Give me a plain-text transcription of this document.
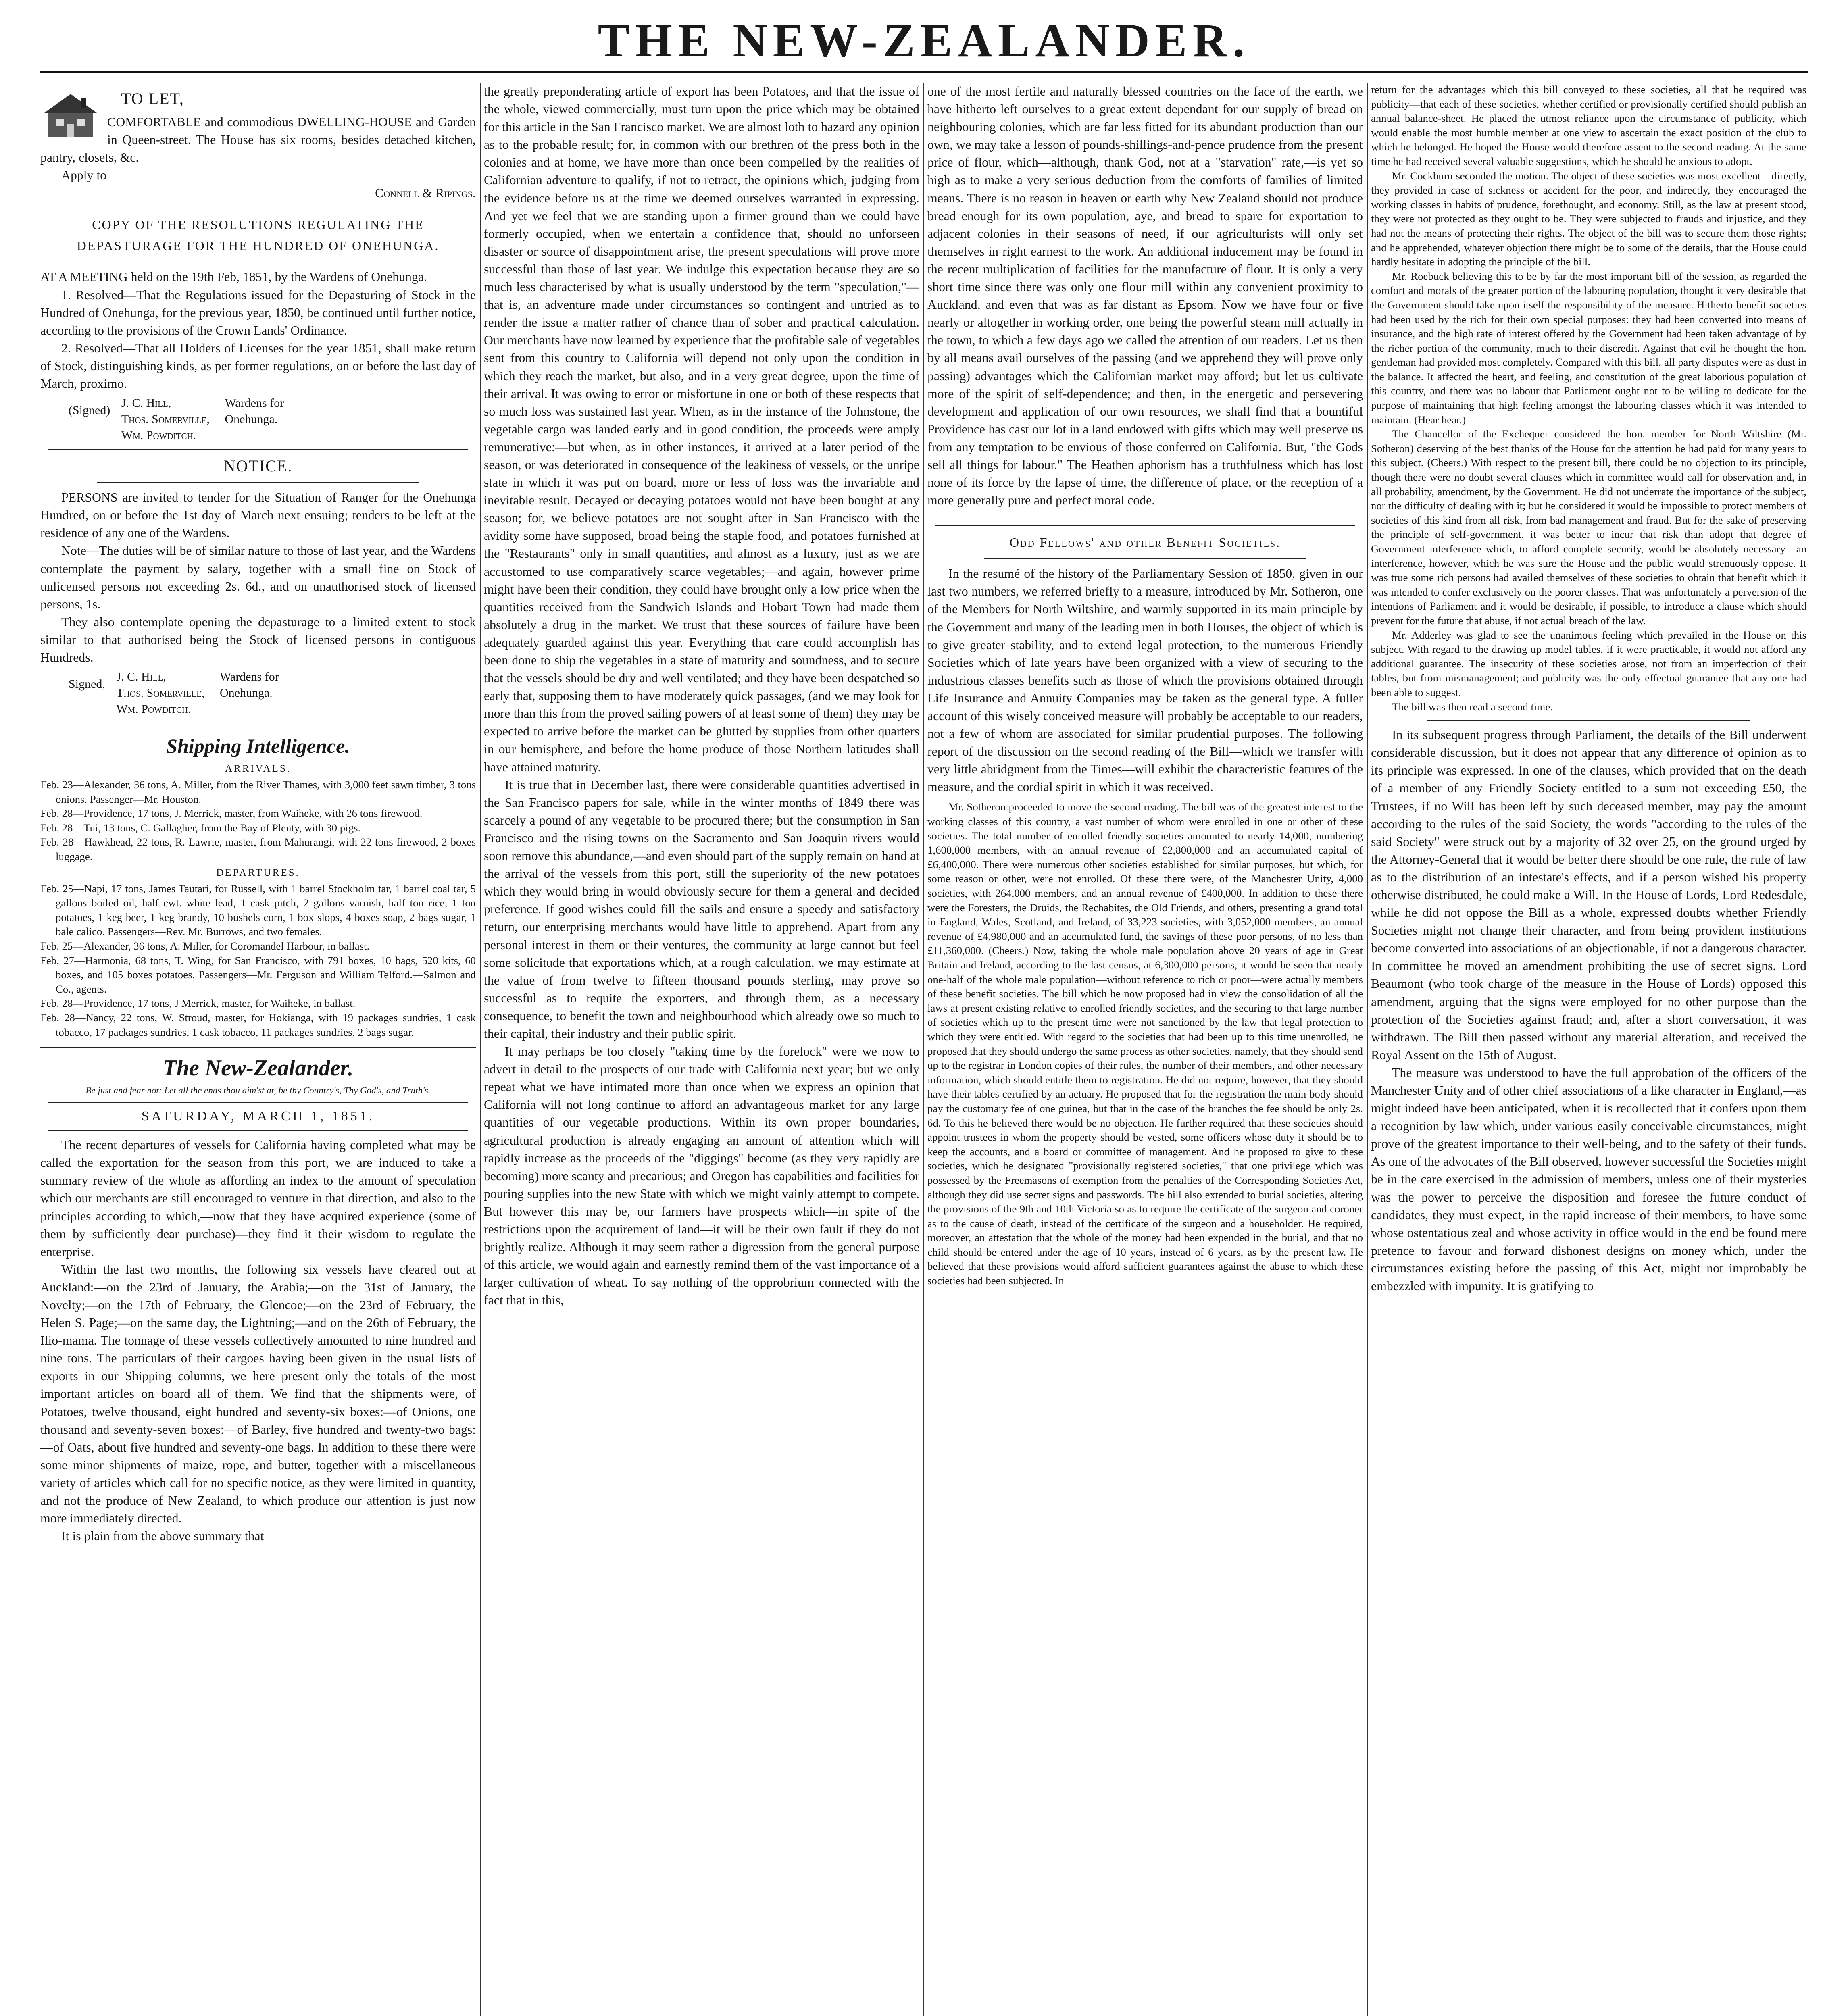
THE NEW-ZEALANDER.
TO LET,

COMFORTABLE and commodious DWELLING-HOUSE and Garden in Queen-street. The House has six rooms, besides detached kitchen, pantry, closets, &c.

Apply to

Connell & Ripings.

COPY OF THE RESOLUTIONS REGULATING THE DEPASTURAGE FOR THE HUNDRED OF ONEHUNGA.

AT A MEETING held on the 19th Feb, 1851, by the Wardens of Onehunga.

1. Resolved—That the Regulations issued for the Depasturing of Stock in the Hundred of Onehunga, for the previous year, 1850, be continued until further notice, according to the provisions of the Crown Lands' Ordinance.

2. Resolved—That all Holders of Licenses for the year 1851, shall make return of Stock, distinguishing kinds, as per former regulations, on or before the last day of March, proximo.

(Signed) J. C. Hill,
Thos. Somerville,
Wm. Powditch. Wardens for Onehunga.
NOTICE.

PERSONS are invited to tender for the Situation of Ranger for the Onehunga Hundred, on or before the 1st day of March next ensuing; tenders to be left at the residence of any one of the Wardens.

Note—The duties will be of similar nature to those of last year, and the Wardens contemplate the payment by salary, together with a small fine on Stock of unlicensed persons not exceeding 2s. 6d., and on unauthorised stock of licensed persons, 1s.

They also contemplate opening the depasturage to a limited extent to stock similar to that authorised being the Stock of licensed persons in contiguous Hundreds.

Signed, J. C. Hill,
Thos. Somerville,
Wm. Powditch. Wardens for Onehunga.
Shipping Intelligence.
ARRIVALS.

Feb. 23—Alexander, 36 tons, A. Miller, from the River Thames, with 3,000 feet sawn timber, 3 tons onions. Passenger—Mr. Houston.

Feb. 28—Providence, 17 tons, J. Merrick, master, from Waiheke, with 26 tons firewood.

Feb. 28—Tui, 13 tons, C. Gallagher, from the Bay of Plenty, with 30 pigs.

Feb. 28—Hawkhead, 22 tons, R. Lawrie, master, from Mahurangi, with 22 tons firewood, 2 boxes luggage.

DEPARTURES.

Feb. 25—Napi, 17 tons, James Tautari, for Russell, with 1 barrel Stockholm tar, 1 barrel coal tar, 5 gallons boiled oil, half cwt. white lead, 1 cask pitch, 2 gallons varnish, half ton rice, 1 ton potatoes, 1 keg beer, 1 keg brandy, 10 bushels corn, 1 box slops, 4 boxes soap, 2 bags sugar, 1 bale calico. Passengers—Rev. Mr. Burrows, and two females.

Feb. 25—Alexander, 36 tons, A. Miller, for Coromandel Harbour, in ballast.

Feb. 27—Harmonia, 68 tons, T. Wing, for San Francisco, with 791 boxes, 10 bags, 520 kits, 60 boxes, and 105 boxes potatoes. Passengers—Mr. Ferguson and William Telford.—Salmon and Co., agents.

Feb. 28—Providence, 17 tons, J Merrick, master, for Waiheke, in ballast.

Feb. 28—Nancy, 22 tons, W. Stroud, master, for Hokianga, with 19 packages sundries, 1 cask tobacco, 17 packages sundries, 1 cask tobacco, 11 packages sundries, 2 bags sugar.

The New-Zealander.
Be just and fear not: Let all the ends thou aim'st at, be thy Country's, Thy God's, and Truth's.
SATURDAY, MARCH 1, 1851.

The recent departures of vessels for California having completed what may be called the exportation for the season from this port, we are induced to take a summary review of the whole as affording an index to the amount of speculation which our merchants are still encouraged to venture in that direction, and also to the principles according to which,—now that they have acquired experience (some of them by sufficiently dear purchase)—they find it their wisdom to regulate the enterprise.

Within the last two months, the following six vessels have cleared out at Auckland:—on the 23rd of January, the Arabia;—on the 31st of January, the Novelty;—on the 17th of February, the Glencoe;—on the 23rd of February, the Helen S. Page;—on the same day, the Lightning;—and on the 26th of February, the Ilio-mama. The tonnage of these vessels collectively amounted to nine hundred and nine tons. The particulars of their cargoes having been given in the usual lists of exports in our Shipping columns, we here present only the totals of the most important articles on board all of them. We find that the shipments were, of Potatoes, twelve thousand, eight hundred and seventy-six boxes:—of Onions, one thousand and seventy-seven boxes:—of Barley, five hundred and twenty-two bags:—of Oats, about five hundred and seventy-one bags. In addition to these there were some minor shipments of maize, rope, and butter, together with a miscellaneous variety of articles which call for no specific notice, as they were limited in quantity, and not the produce of New Zealand, to which produce our attention is just now more immediately directed.

It is plain from the above summary that

the greatly preponderating article of export has been Potatoes, and that the issue of the whole, viewed commercially, must turn upon the price which may be obtained for this article in the San Francisco market. We are almost loth to hazard any opinion as to the probable result; for, in common with our brethren of the press both in the colonies and at home, we have more than once been compelled by the realities of Californian adventure to qualify, if not to retract, the opinions which, judging from the evidence before us at the time we deemed ourselves warranted in expressing. And yet we feel that we are standing upon a firmer ground than we could have formerly occupied, when we entertain a confidence that, should no unforseen disaster or source of disappointment arise, the present speculations will prove more successful than those of last year. We indulge this expectation because they are so much less characterised by what is usually understood by the term "speculation,"—that is, an adventure made under circumstances so contingent and untried as to render the issue a matter rather of chance than of sober and practical calculation. Our merchants have now learned by experience that the profitable sale of vegetables sent from this country to California will depend not only upon the condition in which they reach the market, but also, and in a very great degree, upon the time of their arrival. It was owing to error or misfortune in one or both of these respects that so much loss was sustained last year. When, as in the instance of the Johnstone, the vegetable cargo was landed early and in good condition, the proceeds were amply remunerative:—but when, as in other instances, it arrived at a later period of the season, or was deteriorated in consequence of the leakiness of vessels, or the unripe state in which it was put on board, more or less of loss was the invariable and inevitable result. Decayed or decaying potatoes would not have been bought at any season; for, we believe potatoes are not sought after in San Francisco with the avidity some have supposed, broad being the staple food, and potatoes furnished at the "Restaurants" only in small quantities, and almost as a luxury, just as we are accustomed to use comparatively scarce vegetables;—and again, however prime might have been their condition, they could have brought only a low price when the quantities received from the Sandwich Islands and Hobart Town had made them absolutely a drug in the market. We trust that these sources of failure have been adequately guarded against this year. Everything that care could accomplish has been done to ship the vegetables in a state of maturity and soundness, and to secure that the vessels should be dry and well ventilated; and they have been despatched so early that, supposing them to have moderately quick passages, (and we may look for more than this from the proved sailing powers of at least some of them) they may be expected to arrive before the market can be glutted by supplies from other quarters in our hemisphere, and before the home produce of those Northern latitudes shall have attained maturity.

It is true that in December last, there were considerable quantities advertised in the San Francisco papers for sale, while in the winter months of 1849 there was scarcely a pound of any vegetable to be procured there; but the consumption in San Francisco and the rising towns on the Sacramento and San Joaquin rivers would soon remove this abundance,—and even should part of the supply remain on hand at the arrival of the vessels from this port, still the superiority of the new potatoes which they would bring in would obviously secure for them a general and decided preference. If good wishes could fill the sails and ensure a speedy and satisfactory return, our enterprising merchants would have little to apprehend. Apart from any personal interest in them or their ventures, the community at large cannot but feel some solicitude that exportations which, at a rough calculation, we may estimate at the value of from twelve to fifteen thousand pounds sterling, may prove so successful as to requite the exporters, and through them, as a necessary consequence, to benefit the town and neighbourhood which already owe so much to their capital, their industry and their public spirit.

It may perhaps be too closely "taking time by the forelock" were we now to advert in detail to the prospects of our trade with California next year; but we only repeat what we have intimated more than once when we express an opinion that California will not long continue to afford an advantageous market for any large quantities of our vegetable productions. Within its own proper boundaries, agricultural production is already engaging an amount of attention which will rapidly increase as the proceeds of the "diggings" become (as they very rapidly are becoming) more scanty and precarious; and Oregon has capabilities and facilities for pouring supplies into the new State with which we might vainly attempt to compete. But however this may be, our farmers have prospects which—in spite of the restrictions upon the acquirement of land—it will be their own fault if they do not brightly realize. Although it may seem rather a digression from the general purpose of this article, we would again and earnestly remind them of the vast importance of a larger cultivation of wheat. To say nothing of the opprobrium connected with the fact that in this,

one of the most fertile and naturally blessed countries on the face of the earth, we have hitherto left ourselves to a great extent dependant for our supply of bread on neighbouring colonies, which are far less fitted for its abundant production than our own, we may take a lesson of pounds-shillings-and-pence prudence from the present price of flour, which—although, thank God, not at a "starvation" rate,—is yet so high as to make a very serious deduction from the comforts of families of limited means. There is no reason in heaven or earth why New Zealand should not produce bread enough for its own population, aye, and bread to spare for exportation to adjacent colonies in their seasons of need, if our agriculturists will only set themselves in right earnest to the work. An additional inducement may be found in the recent multiplication of facilities for the manufacture of flour. It is only a very short time since there was only one flour mill within any convenient proximity to Auckland, and even that was as far distant as Epsom. Now we have four or five nearly or altogether in working order, one being the powerful steam mill actually in the town, to which a few days ago we called the attention of our readers. Let us then by all means avail ourselves of the passing (and we apprehend they will prove only passing) advantages which the Californian market may afford; but let us cultivate more of the spirit of self-dependence; and then, in the energetic and persevering development and application of our own resources, we shall find that a bountiful Providence has cast our lot in a land endowed with gifts which may well preserve us from any temptation to be envious of those conferred on California. But, "the Gods sell all things for labour." The Heathen aphorism has a truthfulness which has lost none of its force by the lapse of time, the difference of place, or the reception of a more generally pure and perfect moral code.

Odd Fellows' and other Benefit Societies.

In the resumé of the history of the Parliamentary Session of 1850, given in our last two numbers, we referred briefly to a measure, introduced by Mr. Sotheron, one of the Members for North Wiltshire, and warmly supported in its main principle by the Government and many of the leading men in both Houses, the object of which is to give greater stability, and to extend legal protection, to the numerous Friendly Societies which of late years have been organized with a view of securing to the industrious classes benefits such as those of which the provisions obtained through Life Insurance and Annuity Companies may be taken as the general type. A fuller account of this wisely conceived measure will probably be acceptable to our readers, not a few of whom are associated for similar prudential purposes. The following report of the discussion on the second reading of the Bill—which we transfer with very little abridgment from the Times—will exhibit the characteristic features of the measure, and the cordial spirit in which it was received.

Mr. Sotheron proceeded to move the second reading. The bill was of the greatest interest to the working classes of this country, a vast number of whom were enrolled in one or other of these societies. The total number of enrolled friendly societies amounted to nearly 14,000, numbering 1,600,000 members, with an annual revenue of £2,800,000 and an accumulated capital of £6,400,000. There were numerous other societies established for similar purposes, but which, for some reason or other, were not enrolled. Of these there were, of the Manchester Unity, 4,000 societies, with 264,000 members, and an annual revenue of £400,000. In addition to these there were the Foresters, the Druids, the Rechabites, the Old Friends, and others, presenting a grand total in England, Wales, Scotland, and Ireland, of 33,223 societies, with 3,052,000 members, an annual revenue of £4,980,000 and an accumulated fund, the savings of these poor persons, of no less than £11,360,000. (Cheers.) Now, taking the whole male population above 20 years of age in Great Britain and Ireland, according to the last census, at 6,300,000 persons, it would be seen that nearly one-half of the whole male population—without reference to rich or poor—were actually members of these benefit societies. The bill which he now proposed had in view the consolidation of all the laws at present existing relative to enrolled friendly societies, and the securing to that large number of societies which up to the present time were not sanctioned by the law that legal protection to which they were entitled. With regard to the societies that had been up to this time unenrolled, he proposed that they should undergo the same process as other societies, namely, that they should send up to the registrar in London copies of their rules, the number of their members, and other necessary information, which should entitle them to registration. He did not require, however, that they should have their tables certified by an actuary. He proposed that for the registration the main body should pay the customary fee of one guinea, but that in the case of the branches the fee should be only 2s. 6d. To this he believed there would be no objection. He further required that these societies should appoint trustees in whom the property should be vested, some officers whose duty it should be to keep the accounts, and a board or committee of management. And he proposed to give to these societies, which he designated "provisionally registered societies," that one privilege which was possessed by the Freemasons of exemption from the penalties of the Corresponding Societies Act, although they did use secret signs and passwords. The bill also extended to burial societies, altering the provisions of the 9th and 10th Victoria so as to require the certificate of the surgeon and coroner as to the cause of death, instead of the certificate of the surgeon and a householder. He required, moreover, an attestation that the whole of the money had been expended in the burial, and that no child should be entered under the age of 10 years, instead of 6 years, as by the present law. He believed that these provisions would afford sufficient guarantees against the abuse to which these societies had been subjected. In

return for the advantages which this bill conveyed to these societies, all that he required was publicity—that each of these societies, whether certified or provisionally certified should publish an annual balance-sheet. He placed the utmost reliance upon the circumstance of publicity, which would enable the most humble member at one view to ascertain the exact position of the club to which he belonged. He hoped the House would therefore assent to the second reading. At the same time he had received several valuable suggestions, which he should be anxious to adopt.

Mr. Cockburn seconded the motion. The object of these societies was most excellent—directly, they provided in case of sickness or accident for the poor, and indirectly, they encouraged the working classes in habits of prudence, forethought, and economy. Still, as the law at present stood, they were not protected as they ought to be. They were subjected to frauds and injustice, and they had not the means of protecting their rights. The object of the bill was to secure them those rights; and he apprehended, whatever objection there might be to some of the details, that the House could hardly hesitate in adopting the principle of the bill.

Mr. Roebuck believing this to be by far the most important bill of the session, as regarded the comfort and morals of the greater portion of the labouring population, thought it very desirable that the Government should take upon itself the responsibility of the measure. Hitherto benefit societies had been used by the rich for their own special purposes: they had been converted into means of insurance, and the high rate of interest offered by the Government had been taken advantage of by the richer portion of the community, much to their discredit. Against that evil he thought the hon. gentleman had provided most completely. Compared with this bill, all party disputes were as dust in the balance. It affected the heart, and feeling, and constitution of the great laborious population of this country, and there was no labour that Parliament ought not to be willing to dedicate for the purpose of maintaining that high feeling amongst the labouring classes which it was intended to maintain. (Hear hear.)

The Chancellor of the Exchequer considered the hon. member for North Wiltshire (Mr. Sotheron) deserving of the best thanks of the House for the attention he had paid for many years to this subject. (Cheers.) With respect to the present bill, there could be no objection to its principle, though there were no doubt several clauses which in committee would call for observation and, in all probability, amendment, by the Government. He did not underrate the importance of the subject, nor the difficulty of dealing with it; but he considered it would be impossible to protect members of societies of this kind from all risk, from bad management and fraud. But for the sake of preserving the principle of self-government, it was better to incur that risk than adopt that degree of Government interference which, to afford complete security, would be absolutely necessary—an interference, however, which he was sure the House and the public would strenuously oppose. It was true some rich persons had availed themselves of these societies to obtain that benefit which it was intended to confer exclusively on the poorer classes. That was unfortunately a perversion of the intentions of Parliament and it would be desirable, if possible, to introduce a clause which should prevent for the future that abuse, if not actual breach of the law.

Mr. Adderley was glad to see the unanimous feeling which prevailed in the House on this subject. With regard to the drawing up model tables, if it were practicable, it would not afford any additional guarantee. The insecurity of these societies arose, not from an imperfection of their tables, but from mismanagement; and publicity was the only effectual guarantee that any one had been able to suggest.

The bill was then read a second time.

In its subsequent progress through Parliament, the details of the Bill underwent considerable discussion, but it does not appear that any difference of opinion as to its principle was expressed. In one of the clauses, which provided that on the death of a member of any Friendly Society entitled to a sum not exceeding £50, the Trustees, if no Will has been left by such deceased member, may pay the amount according to the rules of the said Society, the words "according to the rules of the said Society" were struck out by a majority of 32 over 25, on the ground urged by the Attorney-General that it would be better there should be one rule, the rule of law as to the distribution of an intestate's effects, and if a person wished his property otherwise distributed, he could make a Will. In the House of Lords, Lord Redesdale, while he did not oppose the Bill as a whole, expressed doubts whether Friendly Societies might not change their character, and from being provident institutions become converted into associations of an objectionable, if not a dangerous character. In committee he moved an amendment prohibiting the use of secret signs. Lord Beaumont (who took charge of the measure in the House of Lords) opposed this amendment, arguing that the signs were employed for no other purpose than the protection of the Societies against fraud; and, after a short conversation, it was withdrawn. The Bill then passed without any material alteration, and received the Royal Assent on the 15th of August.

The measure was understood to have the full approbation of the officers of the Manchester Unity and of other chief associations of a like character in England,—as might indeed have been anticipated, when it is recollected that it confers upon them a recognition by law which, under various easily conceivable circumstances, might prove of the greatest importance to their well-being, and to the safety of their funds. As one of the advocates of the Bill observed, however successful the Societies might be in the care exercised in the admission of members, unless one of their mysteries was the power to perceive the disposition and foresee the future conduct of candidates, they must expect, in the rapid increase of their members, to have some whose ostentatious zeal and whose activity in office would in the end be found mere pretence to favour and forward dishonest designs on money which, under the circumstances existing before the passing of this Act, might not improbably be embezzled with impunity. It is gratifying to
